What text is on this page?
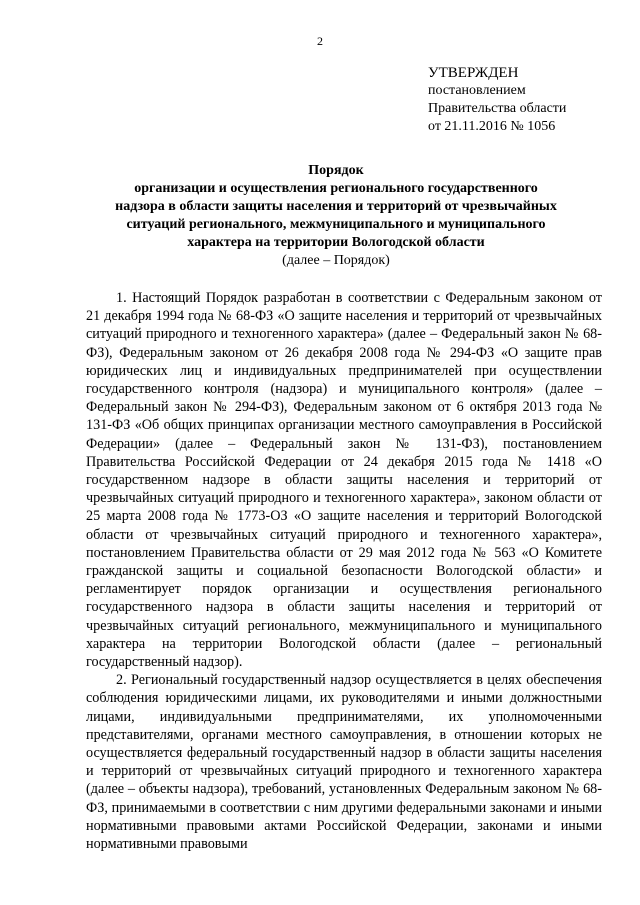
2
УТВЕРЖДЕН
постановлением
Правительства области
от 21.11.2016 № 1056
Порядок
организации и осуществления регионального государственного
надзора в области защиты населения и территорий от чрезвычайных
ситуаций регионального, межмуниципального и муниципального
характера на территории Вологодской области
(далее – Порядок)

1. Настоящий Порядок разработан в соответствии с Федеральным законом от 21 декабря 1994 года № 68-ФЗ «О защите населения и территорий от чрезвычайных ситуаций природного и техногенного характера» (далее – Федеральный закон № 68-ФЗ), Федеральным законом от 26 декабря 2008 года № 294-ФЗ «О защите прав юридических лиц и индивидуальных предпринимателей при осуществлении государственного контроля (надзора) и муниципального контроля» (далее – Федеральный закон № 294-ФЗ), Федеральным законом от 6 октября 2013 года № 131-ФЗ «Об общих принципах организации местного самоуправления в Российской Федерации» (далее – Федеральный закон № 131-ФЗ), постановлением Правительства Российской Федерации от 24 декабря 2015 года № 1418 «О государственном надзоре в области защиты населения и территорий от чрезвычайных ситуаций природного и техногенного характера», законом области от 25 марта 2008 года № 1773-ОЗ «О защите населения и территорий Вологодской области от чрезвычайных ситуаций природного и техногенного характера», постановлением Правительства области от 29 мая 2012 года № 563 «О Комитете гражданской защиты и социальной безопасности Вологодской области» и регламентирует порядок организации и осуществления регионального государственного надзора в области защиты населения и территорий от чрезвычайных ситуаций регионального, межмуниципального и муниципального характера на территории Вологодской области (далее – региональный государственный надзор).

2. Региональный государственный надзор осуществляется в целях обеспечения соблюдения юридическими лицами, их руководителями и иными должностными лицами, индивидуальными предпринимателями, их уполномоченными представителями, органами местного самоуправления, в отношении которых не осуществляется федеральный государственный надзор в области защиты населения и территорий от чрезвычайных ситуаций природного и техногенного характера (далее – объекты надзора), требований, установленных Федеральным законом № 68-ФЗ, принимаемыми в соответствии с ним другими федеральными законами и иными нормативными правовыми актами Российской Федерации, законами и иными нормативными правовыми
